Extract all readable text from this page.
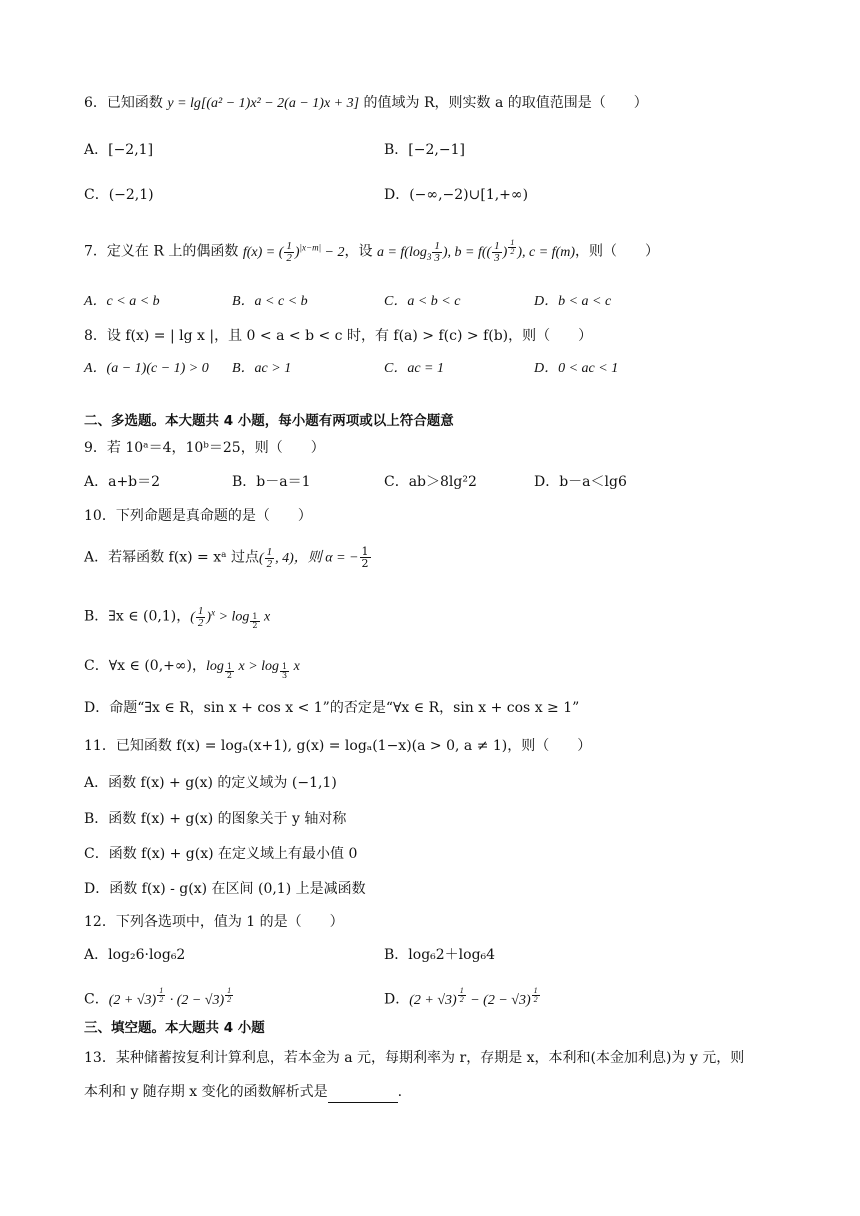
6．已知函数 y = lg[(a² − 1)x² − 2(a − 1)x + 3] 的值域为 R，则实数 a 的取值范围是（　　）
A．[−2,1]	B．[−2,−1]
C．(−2,1)	D．(−∞,−2)∪[1,+∞)
7．定义在 R 上的偶函数 f(x) = ( $\frac{1}{2} )^{|x-m|} - 2$，设 $a = f(\log_3 \frac{1}{3}$ ), $b = f(( \frac{1}{3}$ ) $^{\frac{1}{2}}$ ), c = f(m)，则（　　）
A．c < a < b	B．a < c < b	C．a < b < c	D．b < a < c
8．设 f(x) = | lg x |，且 0 < a < b < c 时，有 f(a) > f(c) > f(b)，则（　　）
A．(a − 1)(c − 1) > 0 B．ac > 1	C．ac = 1	D．0 < ac < 1
二、多选题。本大题共 4 小题，每小题有两项或以上符合题意
9．若 10ᵃ＝4，10ᵇ＝25，则（　　）
A．a+b＝2	B．b－a＝1	C．ab＞8lg²2	D．b－a＜lg6
10．下列命题是真命题的是（　　）
A．若幂函数 f(x) = xᵃ 过点( $\frac{1}{2}$ , 4)，则 α = − $\frac{1}{2}$
B．∃x ∈ (0,1)，( $\frac{1}{2} )^x > \log _{\frac{1}{2}}$ x
C．∀x ∈ (0,+∞)，log $_{\frac{1}{2}}$ x > log $_{\frac{1}{3}}$ x
D．命题“∃x ∈ R，sin x + cos x < 1”的否定是“∀x ∈ R，sin x + cos x ≥ 1”
11．已知函数 f(x) = logₐ(x+1), g(x) = logₐ(1−x)(a > 0, a ≠ 1)，则（　　）
A．函数 f(x) + g(x) 的定义域为 (−1,1)
B．函数 f(x) + g(x) 的图象关于 y 轴对称
C．函数 f(x) + g(x) 在定义域上有最小值 0
D．函数 f(x) - g(x) 在区间 (0,1) 上是减函数
12．下列各选项中，值为 1 的是（　　）
A．log₂6·log₆2	B．log₆2＋log₆4
C．(2 + √3) $^{\frac{1}{2}}$ · (2 − √3) $^{\frac{1}{2}}$	D．(2 + √3) $^{\frac{1}{2}}$ − (2 − √3) $^{\frac{1}{2}}$
三、填空题。本大题共 4 小题
13．某种储蓄按复利计算利息，若本金为 a 元，每期利率为 r，存期是 x，本利和(本金加利息)为 y 元，则
本利和 y 随存期 x 变化的函数解析式是	.
